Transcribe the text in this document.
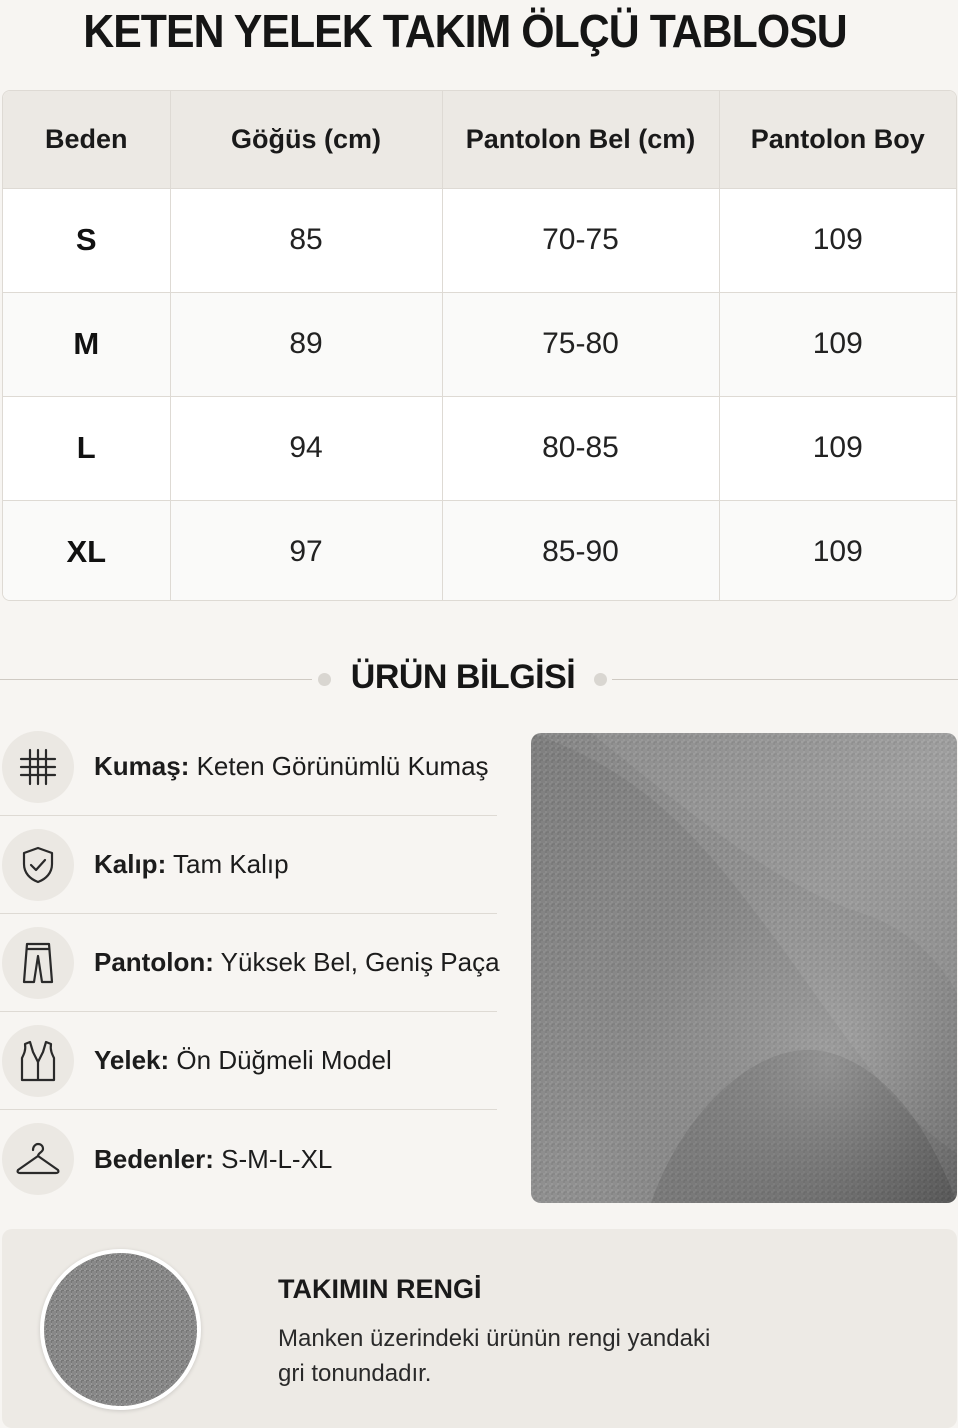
KETEN YELEK TAKIM ÖLÇÜ TABLOSU
Beden	Göğüs (cm)	Pantolon Bel (cm)	Pantolon Boy
S	85	70-75	109
M	89	75-80	109
L	94	80-85	109
XL	97	85-90	109
ÜRÜN BİLGİSİ
Kumaş: Keten Görünümlü Kumaş
Kalıp: Tam Kalıp
Pantolon: Yüksek Bel, Geniş Paça
Yelek: Ön Düğmeli Model
Bedenler: S-M-L-XL
TAKIMIN RENGİ
Manken üzerindeki ürünün rengi yandaki gri tonundadır.
